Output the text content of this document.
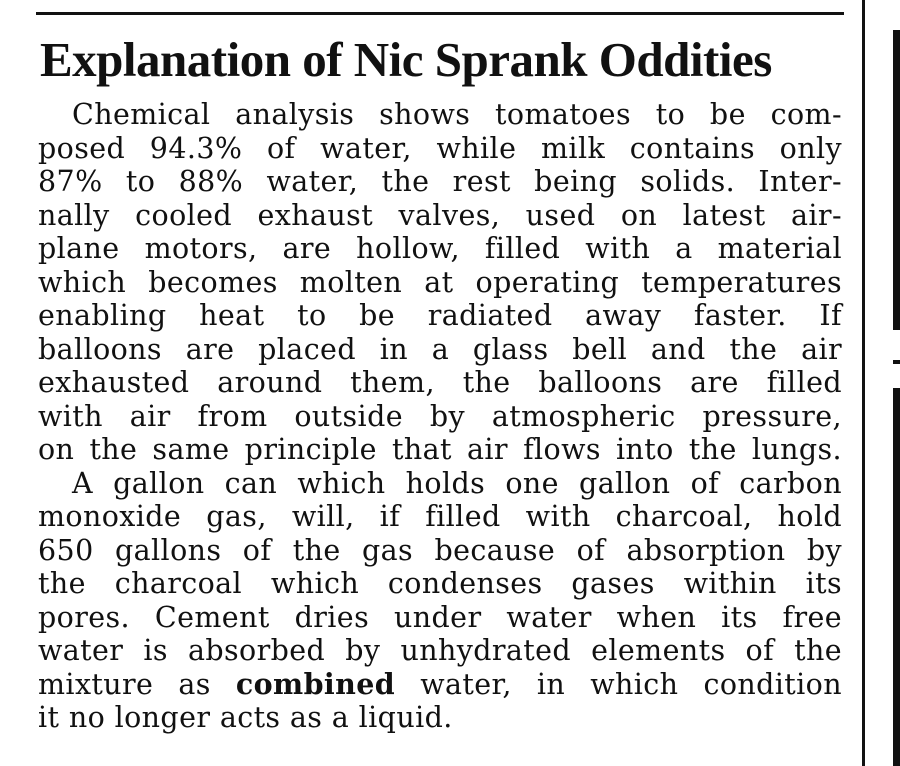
Explanation of Nic Sprank Oddities
Chemical analysis shows tomatoes to be com-
posed 94.3% of water, while milk contains only
87% to 88% water, the rest being solids. Inter-
nally cooled exhaust valves, used on latest air-
plane motors, are hollow, filled with a material
which becomes molten at operating temperatures
enabling heat to be radiated away faster. If
balloons are placed in a glass bell and the air
exhausted around them, the balloons are filled
with air from outside by atmospheric pressure,
on the same principle that air flows into the lungs.
A gallon can which holds one gallon of carbon
monoxide gas, will, if filled with charcoal, hold
650 gallons of the gas because of absorption by
the charcoal which condenses gases within its
pores. Cement dries under water when its free
water is absorbed by unhydrated elements of the
mixture as combined water, in which condition
it no longer acts as a liquid.
